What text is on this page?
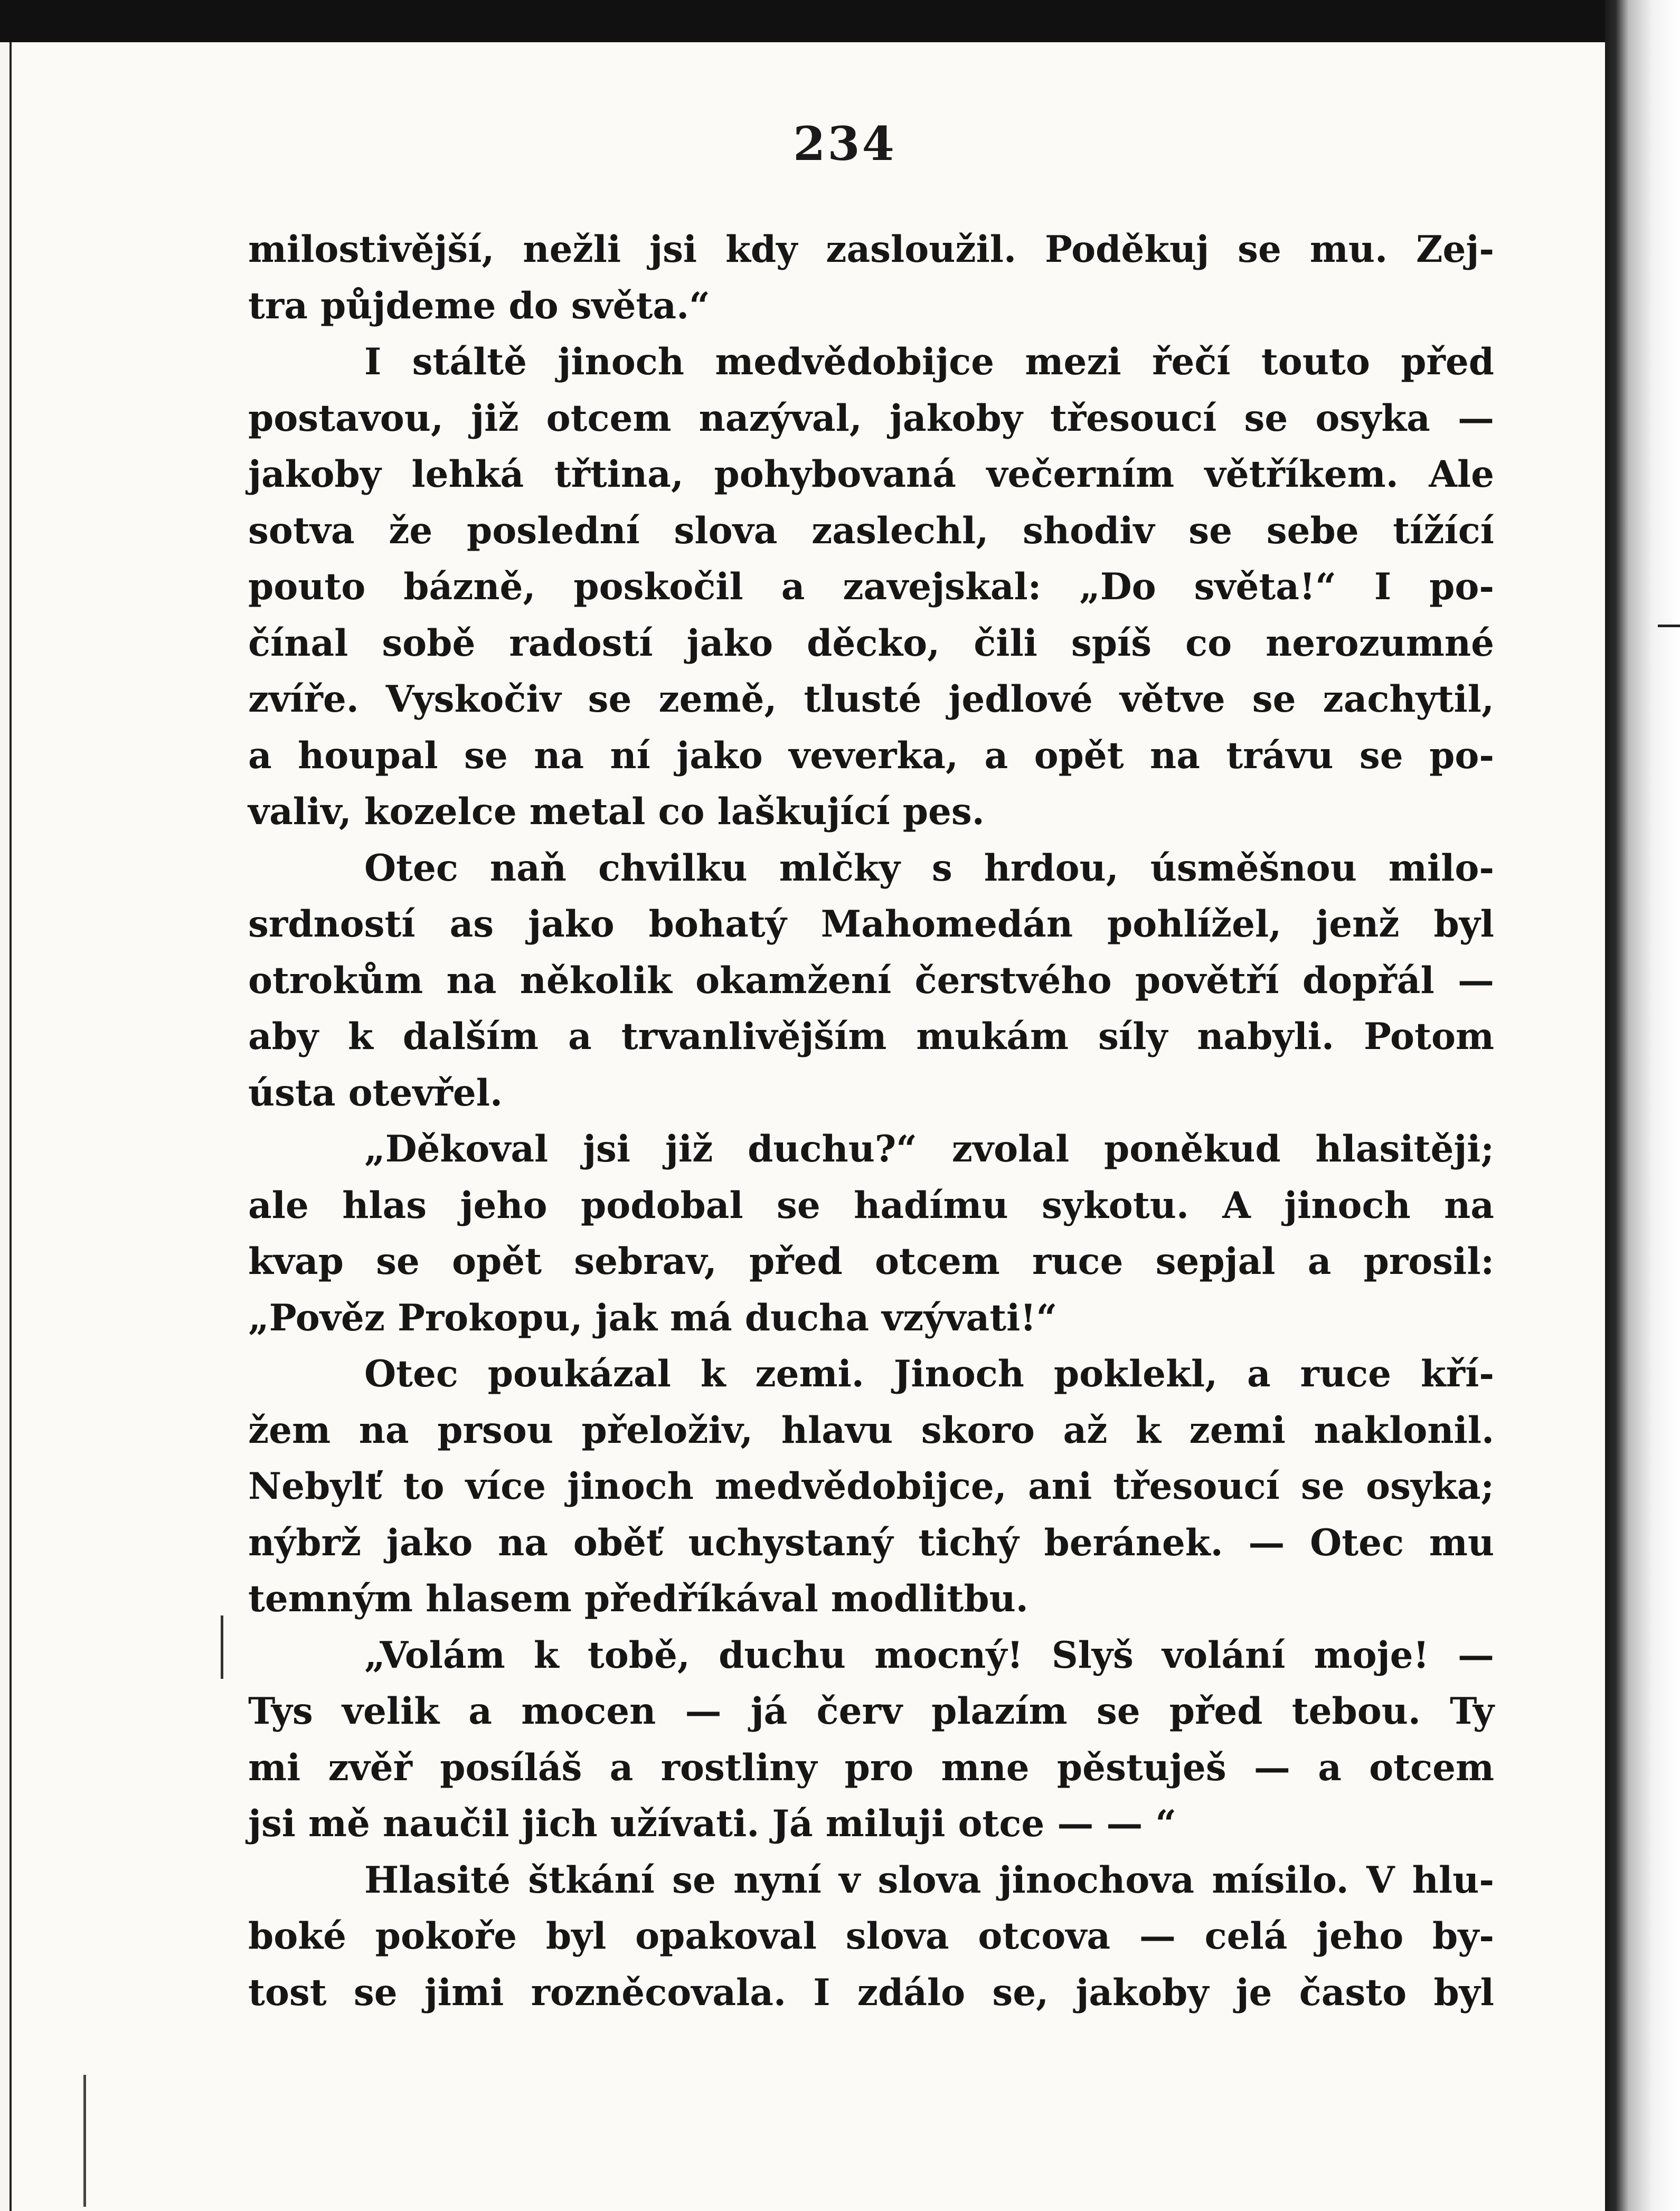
234
milostivější, nežli jsi kdy zasloužil. Poděkuj se mu. Zej-
tra půjdeme do světa.“
I stáltě jinoch medvědobijce mezi řečí touto před
postavou, již otcem nazýval, jakoby třesoucí se osyka —
jakoby lehká třtina, pohybovaná večerním větříkem. Ale
sotva že poslední slova zaslechl, shodiv se sebe tížící
pouto bázně, poskočil a zavejskal: „Do světa!“ I po-
čínal sobě radostí jako děcko, čili spíš co nerozumné
zvíře. Vyskočiv se země, tlusté jedlové větve se zachytil,
a houpal se na ní jako veverka, a opět na trávu se po-
valiv, kozelce metal co laškující pes.
Otec naň chvilku mlčky s hrdou, úsměšnou milo-
srdností as jako bohatý Mahomedán pohlížel, jenž byl
otrokům na několik okamžení čerstvého povětří dopřál —
aby k dalším a trvanlivějším mukám síly nabyli. Potom
ústa otevřel.
„Děkoval jsi již duchu?“ zvolal poněkud hlasitěji;
ale hlas jeho podobal se hadímu sykotu. A jinoch na
kvap se opět sebrav, před otcem ruce sepjal a prosil:
„Pověz Prokopu, jak má ducha vzývati!“
Otec poukázal k zemi. Jinoch poklekl, a ruce kří-
žem na prsou přeloživ, hlavu skoro až k zemi naklonil.
Nebylť to více jinoch medvědobijce, ani třesoucí se osyka;
nýbrž jako na oběť uchystaný tichý beránek. — Otec mu
temným hlasem předříkával modlitbu.
„Volám k tobě, duchu mocný! Slyš volání moje! —
Tys velik a mocen — já červ plazím se před tebou. Ty
mi zvěř posíláš a rostliny pro mne pěstuješ — a otcem
jsi mě naučil jich užívati. Já miluji otce — — “
Hlasité štkání se nyní v slova jinochova mísilo. V hlu-
boké pokoře byl opakoval slova otcova — celá jeho by-
tost se jimi rozněcovala. I zdálo se, jakoby je často byl
